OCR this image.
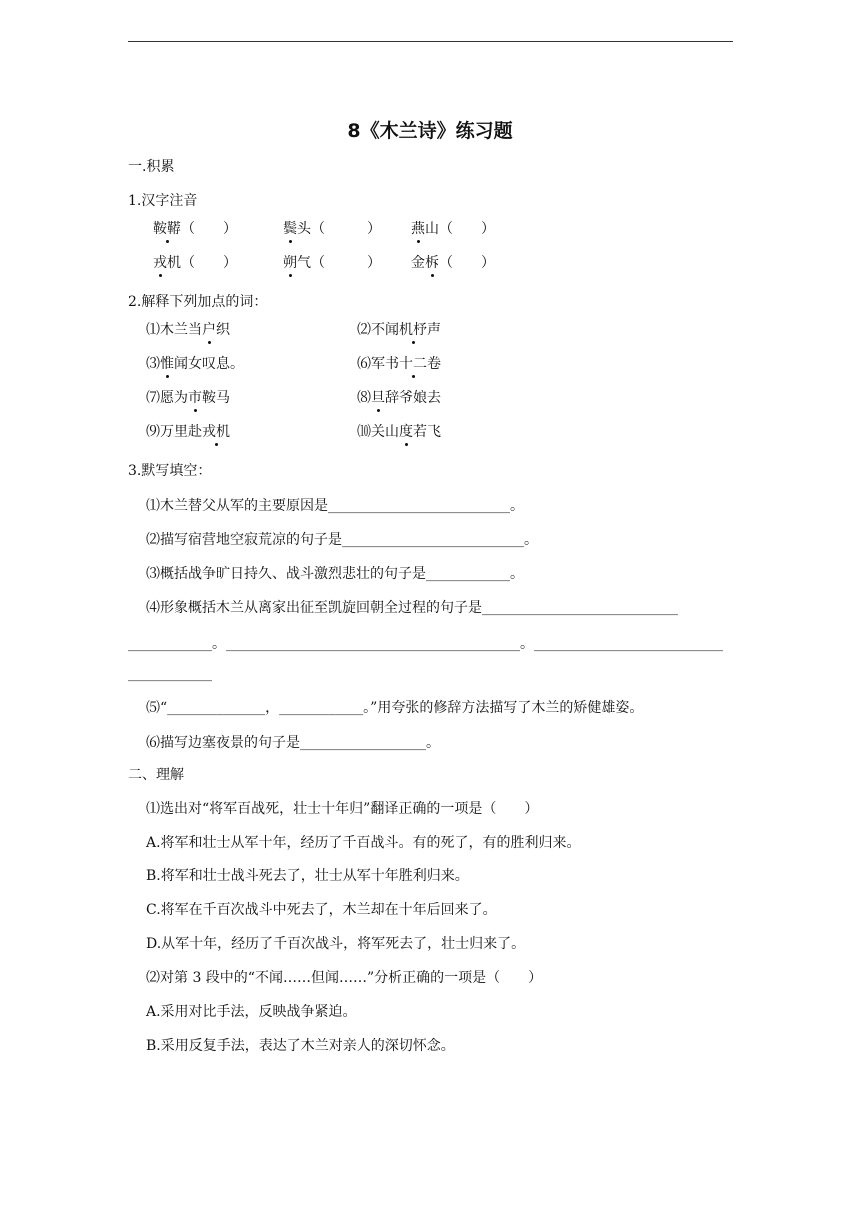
8《木兰诗》练习题
一.积累
1.汉字注音
鞍鞯（　　）	鬓头（　　　） 燕山（　　）
戎机（　　）	朔气（　　　） 金柝（　　）
2.解释下列加点的词：
⑴木兰当户织	⑵不闻机杼声
⑶惟闻女叹息。	⑹军书十二卷
⑺愿为市鞍马	⑻旦辞爷娘去
⑼万里赴戎机	⑽关山度若飞
3.默写填空：
⑴木兰替父从军的主要原因是__________________________。
⑵描写宿营地空寂荒凉的句子是__________________________。
⑶概括战争旷日持久、战斗激烈悲壮的句子是____________。
⑷形象概括木兰从离家出征至凯旋回朝全过程的句子是____________________________
____________。__________________________________________。___________________________
____________
⑸“______________，____________。”用夸张的修辞方法描写了木兰的矫健雄姿。
⑹描写边塞夜景的句子是__________________。
二、理解
⑴选出对“将军百战死，壮士十年归”翻译正确的一项是（　　）
A.将军和壮士从军十年，经历了千百战斗。有的死了，有的胜利归来。
B.将军和壮士战斗死去了，壮士从军十年胜利归来。
C.将军在千百次战斗中死去了，木兰却在十年后回来了。
D.从军十年，经历了千百次战斗，将军死去了，壮士归来了。
⑵对第 3 段中的“不闻……但闻……”分析正确的一项是（　　）
A.采用对比手法，反映战争紧迫。
B.采用反复手法，表达了木兰对亲人的深切怀念。
